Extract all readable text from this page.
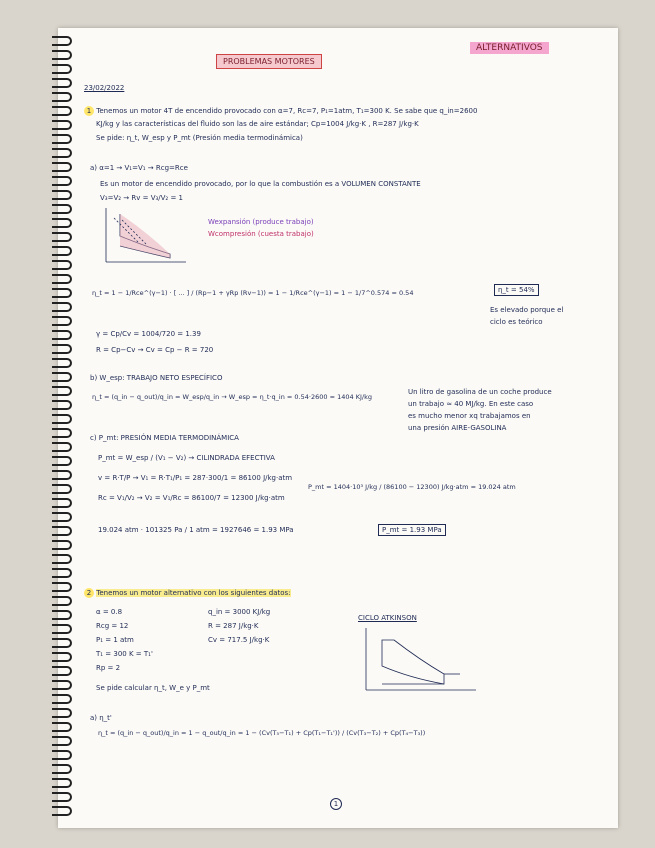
PROBLEMAS MOTORES
ALTERNATIVOS
23/02/2022
1 Tenemos un motor 4T de encendido provocado con α=7, Rc=7, P₁=1atm, T₁=300 K. Se sabe que q_in=2600
KJ/kg y las características del fluido son las de aire estándar; Cp=1004 J/kg·K , R=287 J/kg·K
Se pide: η_t, W_esp y P_mt (Presión media termodinámica)
a) α=1 → V₁=V₁ → Rcg=Rce
Es un motor de encendido provocado, por lo que la combustión es a VOLUMEN CONSTANTE
V₃=V₂ → Rv = V₃/V₂ = 1
Wexpansión (produce trabajo)
Wcompresión (cuesta trabajo)
η_t = 1 − 1/Rce^(γ−1) · [ ... ] / (Rp−1 + γRp (Rv−1)) = 1 − 1/Rce^(γ−1) = 1 − 1/7^0.574 = 0.54	η_t = 54%
Es elevado porque el
ciclo es teórico
γ = Cp/Cv = 1004/720 = 1.39
R = Cp−Cv → Cv = Cp − R = 720
b) W_esp: TRABAJO NETO ESPECÍFICO
η_t = (q_in − q_out)/q_in = W_esp/q_in → W_esp = η_t·q_in = 0.54·2600 = 1404 KJ/kg
Un litro de gasolina de un coche produce
un trabajo ≈ 40 MJ/kg. En este caso
es mucho menor xq trabajamos en
una presión AIRE-GASOLINA
c) P_mt: PRESIÓN MEDIA TERMODINÁMICA
P_mt = W_esp / (V₁ − V₂) → CILINDRADA EFECTIVA
v = R·T/P → V₁ = R·T₁/P₁ = 287·300/1 = 86100 J/kg·atm
Rc = V₁/V₂ → V₂ = V₁/Rc = 86100/7 = 12300 J/kg·atm
P_mt = 1404·10³ J/kg / (86100 − 12300) J/kg·atm = 19.024 atm
19.024 atm · 101325 Pa / 1 atm = 1927646 = 1.93 MPa	P_mt = 1.93 MPa
2 Tenemos un motor alternativo con los siguientes datos:
α = 0.8
Rcg = 12
P₁ = 1 atm
T₁ = 300 K = T₁'
Rp = 2
q_in = 3000 KJ/kg
R = 287 J/kg·K
Cv = 717.5 J/kg·K
Se pide calcular η_t, W_e y P_mt
CICLO ATKINSON
a) η_t'
η_t = (q_in − q_out)/q_in = 1 − q_out/q_in = 1 − (Cv(T₅−T₁) + Cp(T₁−T₁')) / (Cv(T₃−T₂) + Cp(T₄−T₃))
1
